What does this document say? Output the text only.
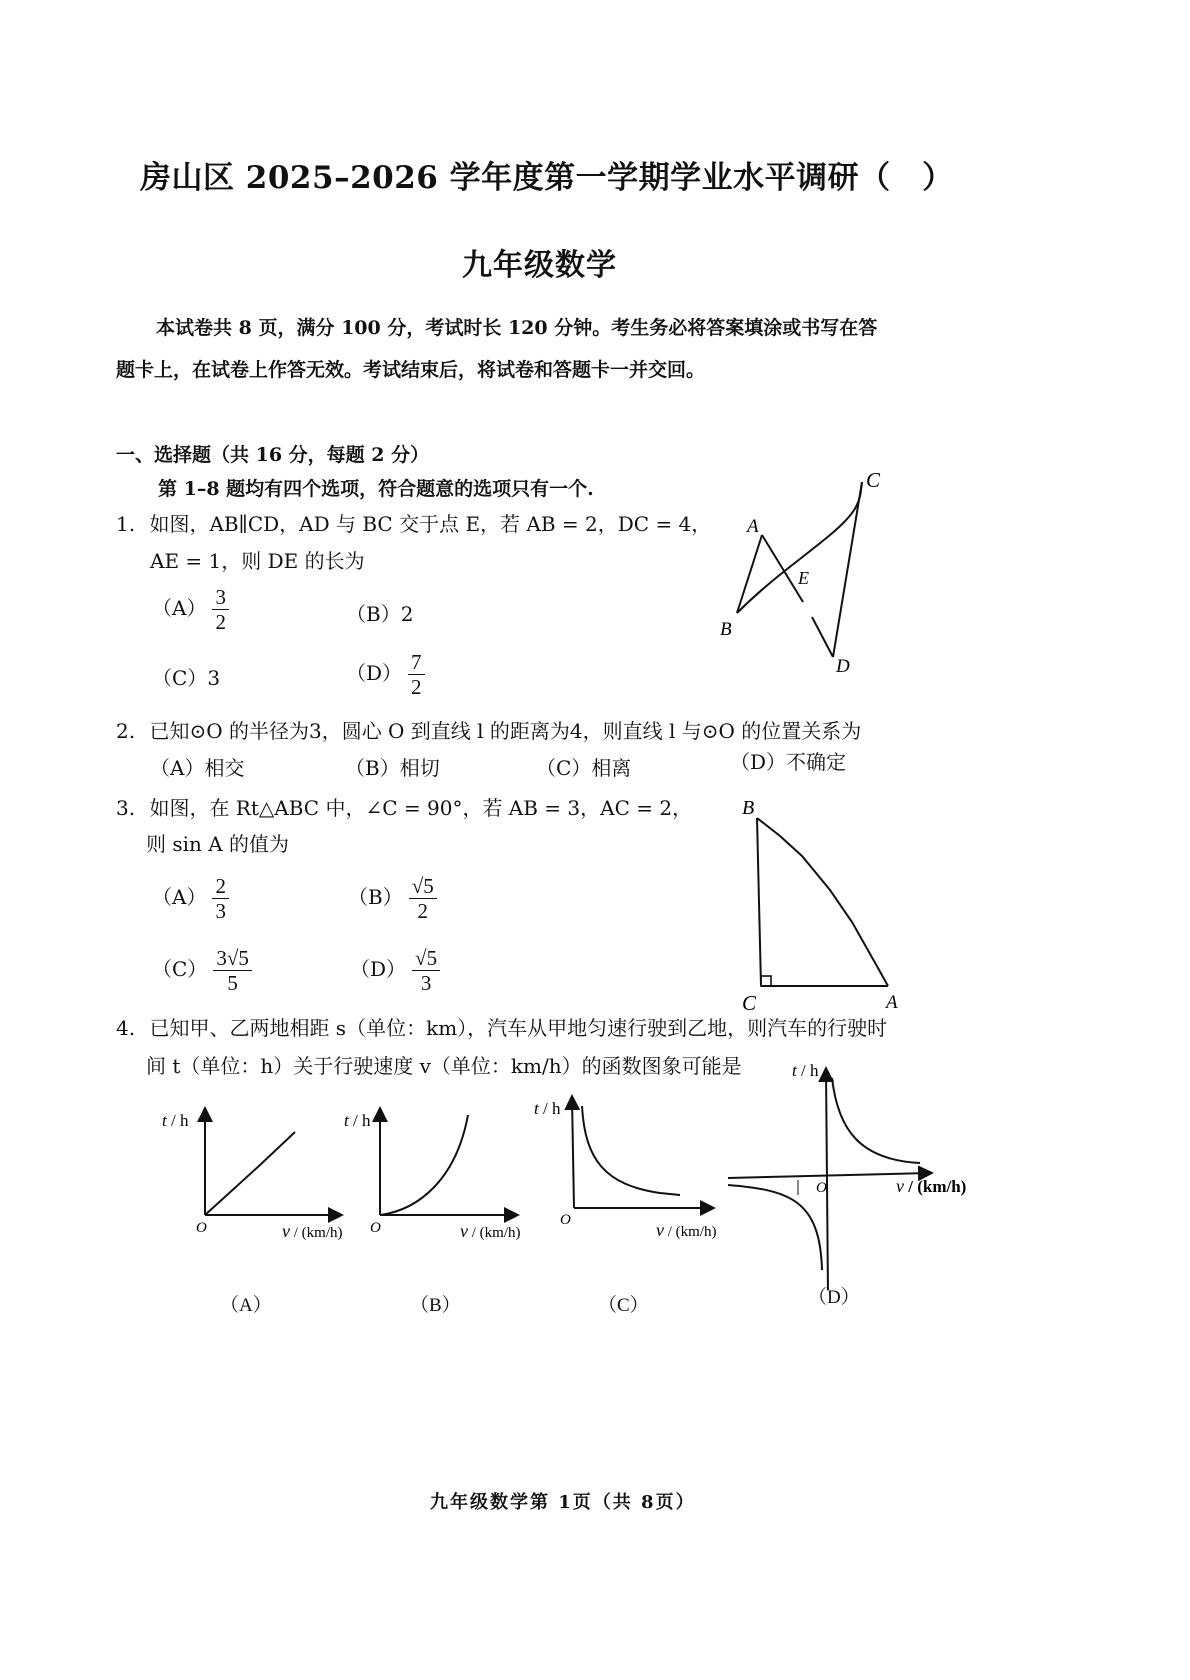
房山区 2025–2026 学年度第一学期学业水平调研（　）
九年级数学
本试卷共 8 页，满分 100 分，考试时长 120 分钟。考生务必将答案填涂或书写在答
题卡上，在试卷上作答无效。考试结束后，将试卷和答题卡一并交回。
一、选择题（共 16 分，每题 2 分）
第 1–8 题均有四个选项，符合题意的选项只有一个.
1. 如图，AB∥CD，AD 与 BC 交于点 E，若 AB = 2，DC = 4，
AE = 1，则 DE 的长为
$(A) \frac{3}{2}$	（B）2
（C）3	$(D) \frac{7}{2}$
A
B
C
D
E
2. 已知⊙O 的半径为3，圆心 O 到直线 l 的距离为4，则直线 l 与⊙O 的位置关系为
（A）相交	（B）相切	（C）相离	（D）不确定
3. 如图，在 Rt△ABC 中，∠C = 90°，若 AB = 3，AC = 2，
则 sin A 的值为
$(A) \frac{2}{3}$	$(B) \frac{√5}{2}$
$(C) \frac{3√5}{5}$	$(D) \frac{√5}{3}$
B
C	A
4. 已知甲、乙两地相距 s（单位：km），汽车从甲地匀速行驶到乙地，则汽车的行驶时
间 t（单位：h）关于行驶速度 v（单位：km/h）的函数图象可能是
t / h
O	v / (km/h)
t / h
O	v / (km/h)
t / h
O	v / (km/h)
t / h
O	v / (km/h)
（A）	（B）	（C）	（D）
九年级数学第 1页（共 8页）
